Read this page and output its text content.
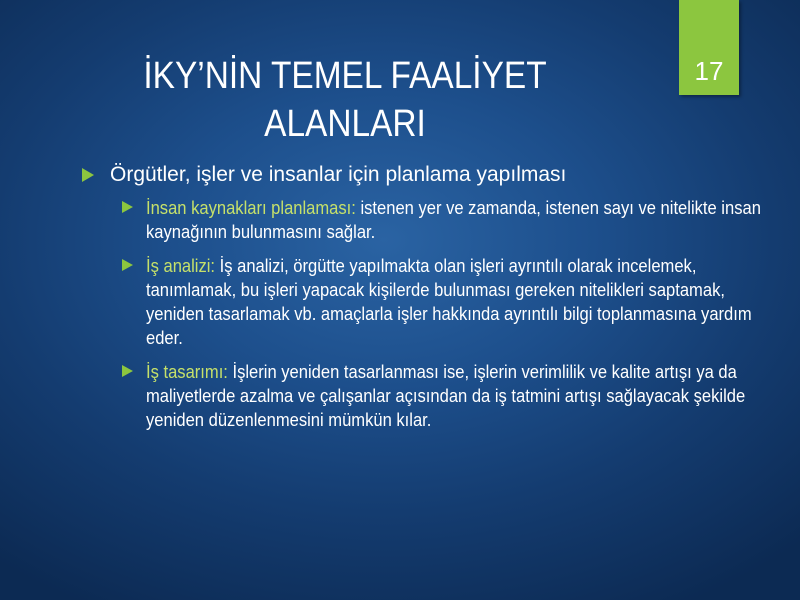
17
İKY’NİN TEMEL FAALİYET
ALANLARI
Örgütler, işler ve insanlar için planlama yapılması
İnsan kaynakları planlaması: istenen yer ve zamanda, istenen sayı ve nitelikte insan kaynağının bulunmasını sağlar.
İş analizi: İş analizi, örgütte yapılmakta olan işleri ayrıntılı olarak incelemek, tanımlamak, bu işleri yapacak kişilerde bulunması gereken nitelikleri saptamak, yeniden tasarlamak vb. amaçlarla işler hakkında ayrıntılı bilgi toplanmasına yardım eder.
İş tasarımı: İşlerin yeniden tasarlanması ise, işlerin verimlilik ve kalite artışı ya da maliyetlerde azalma ve çalışanlar açısından da iş tatmini artışı sağlayacak şekilde yeniden düzenlenmesini mümkün kılar.
